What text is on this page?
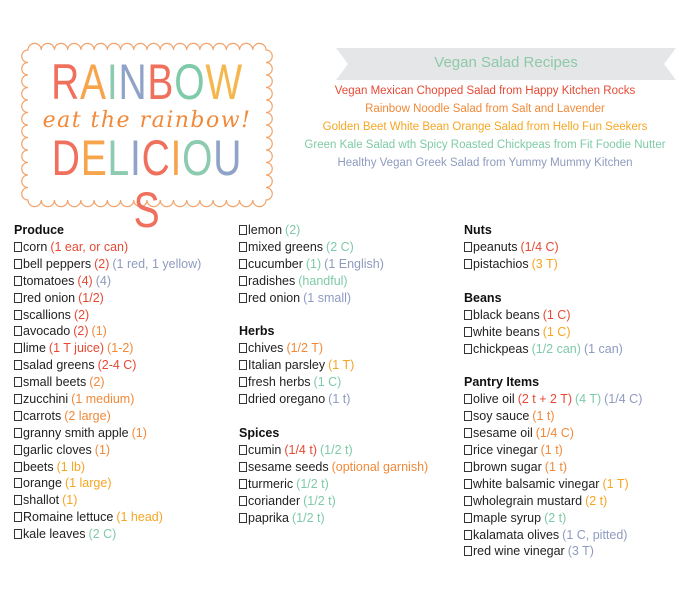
RAINBOW
eat the rainbow!
DELICIOUS
Vegan Salad Recipes
Vegan Mexican Chopped Salad from Happy Kitchen Rocks
Rainbow Noodle Salad from Salt and Lavender
Golden Beet White Bean Orange Salad from Hello Fun Seekers
Green Kale Salad wth Spicy Roasted Chickpeas from Fit Foodie Nutter
Healthy Vegan Greek Salad from Yummy Mummy Kitchen
Produce
corn (1 ear, or can)
bell peppers (2) (1 red, 1 yellow)
tomatoes (4) (4)
red onion (1/2)
scallions (2)
avocado (2) (1)
lime (1 T juice) (1-2)
salad greens (2-4 C)
small beets (2)
zucchini (1 medium)
carrots (2 large)
granny smith apple (1)
garlic cloves (1)
beets (1 lb)
orange (1 large)
shallot (1)
Romaine lettuce (1 head)
kale leaves (2 C)
lemon (2)
mixed greens (2 C)
cucumber (1) (1 English)
radishes (handful)
red onion (1 small)
Herbs
chives (1/2 T)
Italian parsley (1 T)
fresh herbs (1 C)
dried oregano (1 t)
Spices
cumin (1/4 t) (1/2 t)
sesame seeds (optional garnish)
turmeric (1/2 t)
coriander (1/2 t)
paprika (1/2 t)
Nuts
peanuts (1/4 C)
pistachios (3 T)
Beans
black beans (1 C)
white beans (1 C)
chickpeas (1/2 can) (1 can)
Pantry Items
olive oil (2 t + 2 T) (4 T) (1/4 C)
soy sauce (1 t)
sesame oil (1/4 C)
rice vinegar (1 t)
brown sugar (1 t)
white balsamic vinegar (1 T)
wholegrain mustard (2 t)
maple syrup (2 t)
kalamata olives (1 C, pitted)
red wine vinegar (3 T)
